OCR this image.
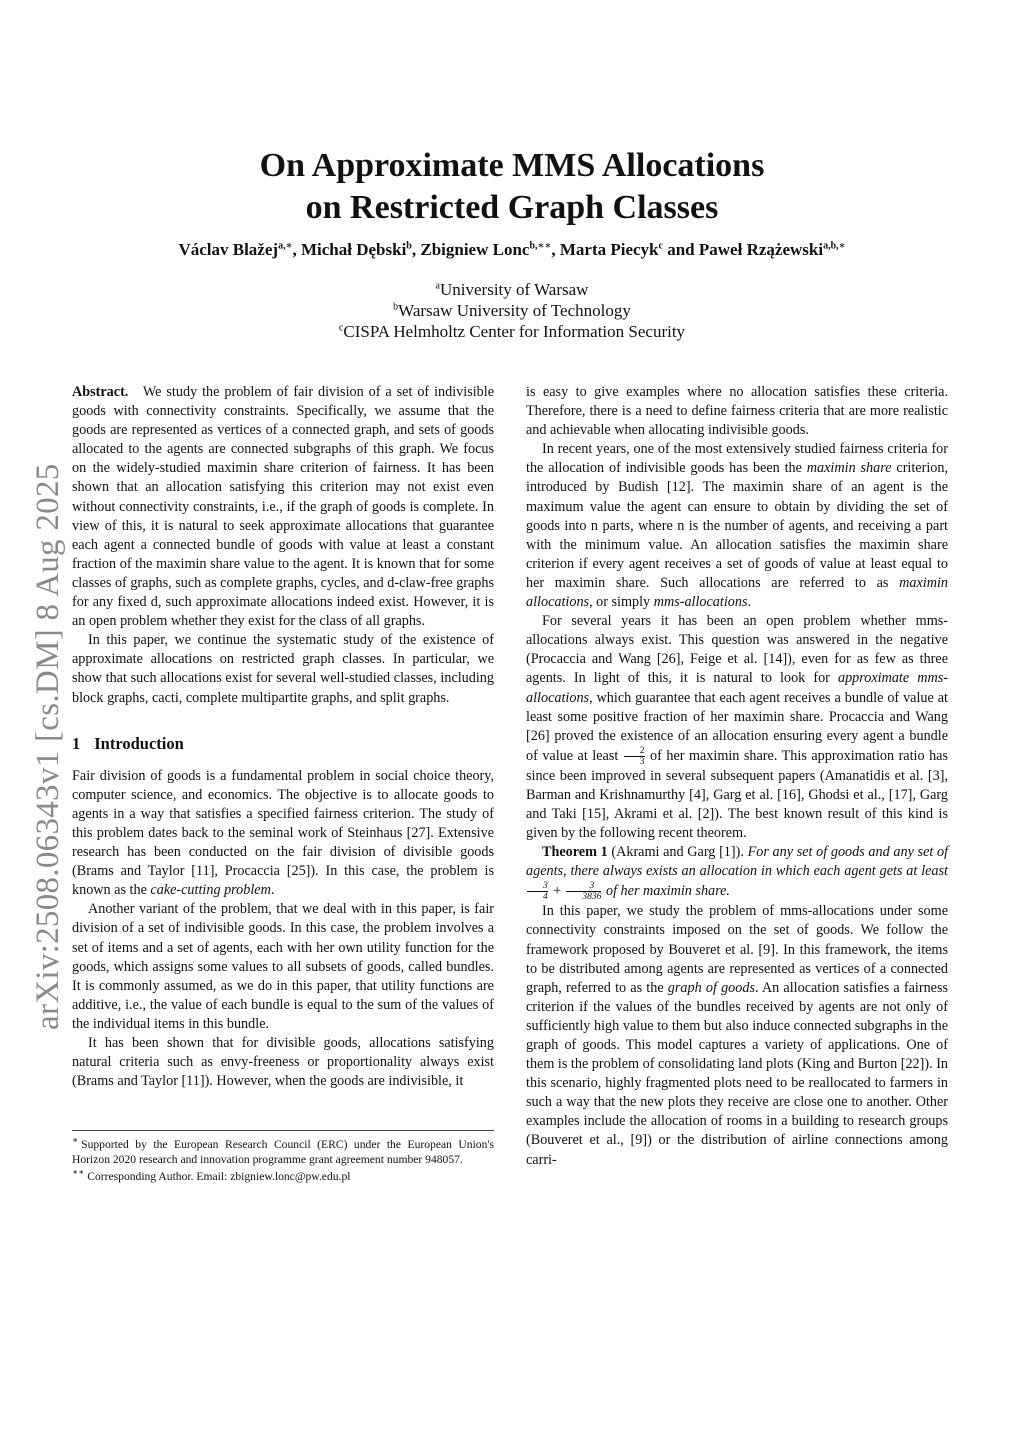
arXiv:2508.06343v1 [cs.DM] 8 Aug 2025
On Approximate MMS Allocations
on Restricted Graph Classes
Václav Blažej$^{a,∗}$, Michał Dębski$^b$, Zbigniew Lonc$^{b,∗∗}$, Marta Piecyk$^c$ and Paweł Rzążewski$^{a,b,∗}$
$^a$University of Warsaw
$^b$Warsaw University of Technology
$^c$CISPA Helmholtz Center for Information Security

Abstract. We study the problem of fair division of a set of indivisible goods with connectivity constraints. Specifically, we assume that the goods are represented as vertices of a connected graph, and sets of goods allocated to the agents are connected subgraphs of this graph. We focus on the widely-studied maximin share criterion of fairness. It has been shown that an allocation satisfying this criterion may not exist even without connectivity constraints, i.e., if the graph of goods is complete. In view of this, it is natural to seek approximate allocations that guarantee each agent a connected bundle of goods with value at least a constant fraction of the maximin share value to the agent. It is known that for some classes of graphs, such as complete graphs, cycles, and d-claw-free graphs for any fixed d, such approximate allocations indeed exist. However, it is an open problem whether they exist for the class of all graphs.

In this paper, we continue the systematic study of the existence of approximate allocations on restricted graph classes. In particular, we show that such allocations exist for several well-studied classes, including block graphs, cacti, complete multipartite graphs, and split graphs.

1 Introduction

Fair division of goods is a fundamental problem in social choice theory, computer science, and economics. The objective is to allocate goods to agents in a way that satisfies a specified fairness criterion. The study of this problem dates back to the seminal work of Steinhaus [27]. Extensive research has been conducted on the fair division of divisible goods (Brams and Taylor [11], Procaccia [25]). In this case, the problem is known as the cake-cutting problem.

Another variant of the problem, that we deal with in this paper, is fair division of a set of indivisible goods. In this case, the problem involves a set of items and a set of agents, each with her own utility function for the goods, which assigns some values to all subsets of goods, called bundles. It is commonly assumed, as we do in this paper, that utility functions are additive, i.e., the value of each bundle is equal to the sum of the values of the individual items in this bundle.

It has been shown that for divisible goods, allocations satisfying natural criteria such as envy-freeness or proportionality always exist (Brams and Taylor [11]). However, when the goods are indivisible, it

∗ Supported by the European Research Council (ERC) under the European Union's Horizon 2020 research and innovation programme grant agreement number 948057.
∗∗ Corresponding Author. Email: zbigniew.lonc@pw.edu.pl

is easy to give examples where no allocation satisfies these criteria. Therefore, there is a need to define fairness criteria that are more realistic and achievable when allocating indivisible goods.

In recent years, one of the most extensively studied fairness criteria for the allocation of indivisible goods has been the maximin share criterion, introduced by Budish [12]. The maximin share of an agent is the maximum value the agent can ensure to obtain by dividing the set of goods into n parts, where n is the number of agents, and receiving a part with the minimum value. An allocation satisfies the maximin share criterion if every agent receives a set of goods of value at least equal to her maximin share. Such allocations are referred to as maximin allocations, or simply mms-allocations.

For several years it has been an open problem whether mms-allocations always exist. This question was answered in the negative (Procaccia and Wang [26], Feige et al. [14]), even for as few as three agents. In light of this, it is natural to look for approximate mms-allocations, which guarantee that each agent receives a bundle of value at least some positive fraction of her maximin share. Procaccia and Wang [26] proved the existence of an allocation ensuring every agent a bundle of value at least $\frac{2}{3}$ of her maximin share. This approximation ratio has since been improved in several subsequent papers (Amanatidis et al. [3], Barman and Krishnamurthy [4], Garg et al. [16], Ghodsi et al., [17], Garg and Taki [15], Akrami et al. [2]). The best known result of this kind is given by the following recent theorem.

Theorem 1 (Akrami and Garg [1]). For any set of goods and any set of agents, there always exists an allocation in which each agent gets at least
$\frac{3}{4} + \frac{3}{3836}$ of her maximin share.

In this paper, we study the problem of mms-allocations under some connectivity constraints imposed on the set of goods. We follow the framework proposed by Bouveret et al. [9]. In this framework, the items to be distributed among agents are represented as vertices of a connected graph, referred to as the graph of goods. An allocation satisfies a fairness criterion if the values of the bundles received by agents are not only of sufficiently high value to them but also induce connected subgraphs in the graph of goods. This model captures a variety of applications. One of them is the problem of consolidating land plots (King and Burton [22]). In this scenario, highly fragmented plots need to be reallocated to farmers in such a way that the new plots they receive are close one to another. Other examples include the allocation of rooms in a building to research groups (Bouveret et al., [9]) or the distribution of airline connections among carri-
